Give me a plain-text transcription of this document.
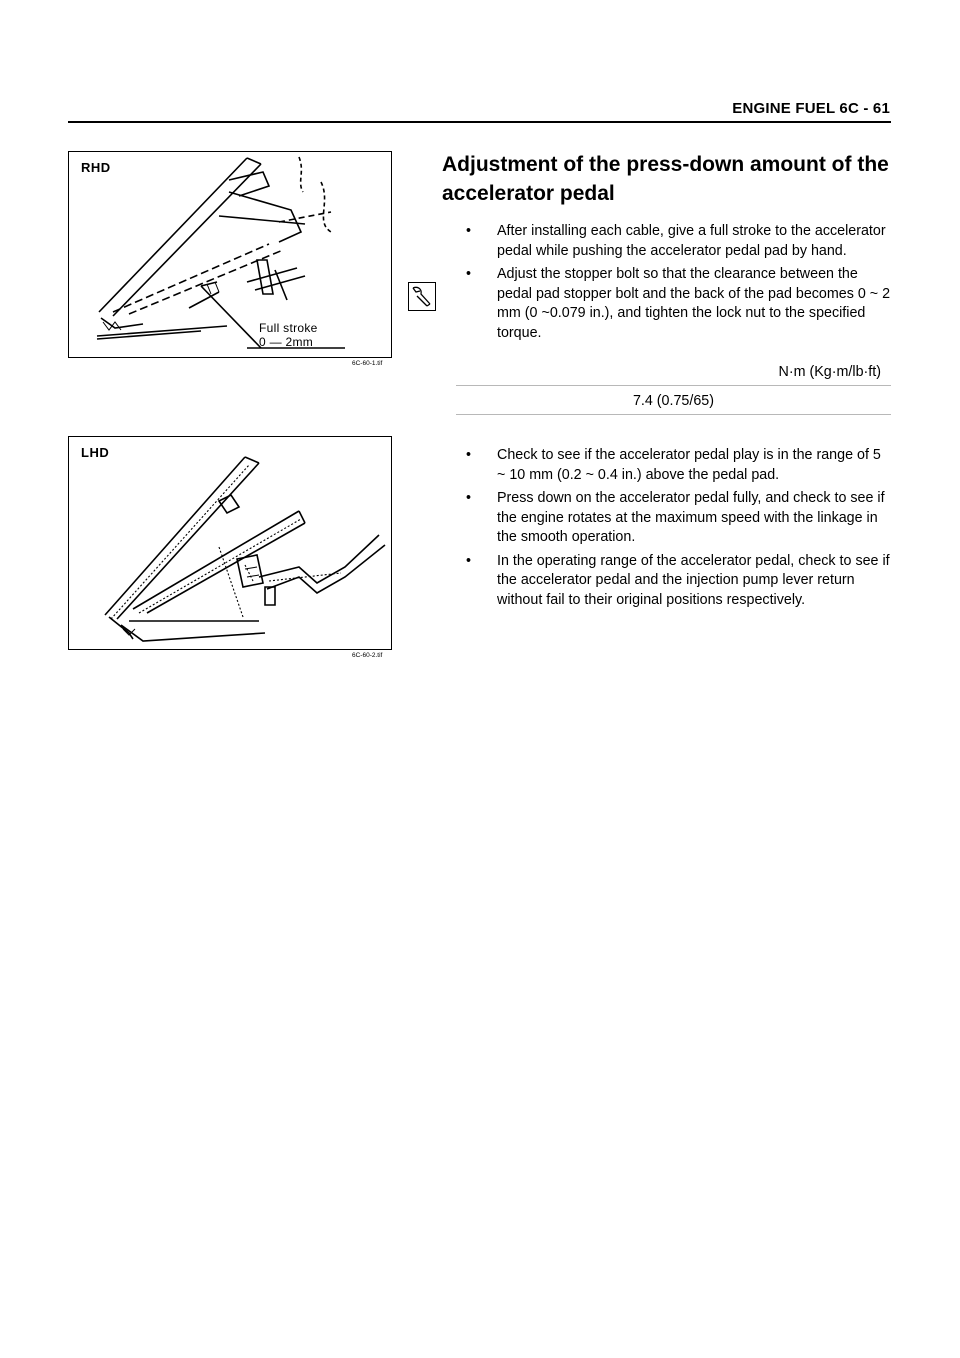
ENGINE FUEL 6C - 61
RHD
Full stroke
0 — 2mm
6C-60-1.tif
LHD
6C-60-2.tif
Adjustment of the press-down amount of the accelerator pedal
• After installing each cable, give a full stroke to the accelerator pedal while pushing the accelerator pedal pad by hand.
• Adjust the stopper bolt so that the clearance between the pedal pad stopper bolt and the back of the pad becomes 0 ~ 2 mm (0 ~0.079 in.), and tighten the lock nut to the specified torque.
N·m (Kg·m/lb·ft)
7.4 (0.75/65)
• Check to see if the accelerator pedal play is in the range of 5 ~ 10 mm (0.2 ~ 0.4 in.) above the pedal pad.
• Press down on the accelerator pedal fully, and check to see if the engine rotates at the maximum speed with the linkage in the smooth operation.
• In the operating range of the accelerator pedal, check to see if the accelerator pedal and the injection pump lever return without fail to their original positions respectively.
